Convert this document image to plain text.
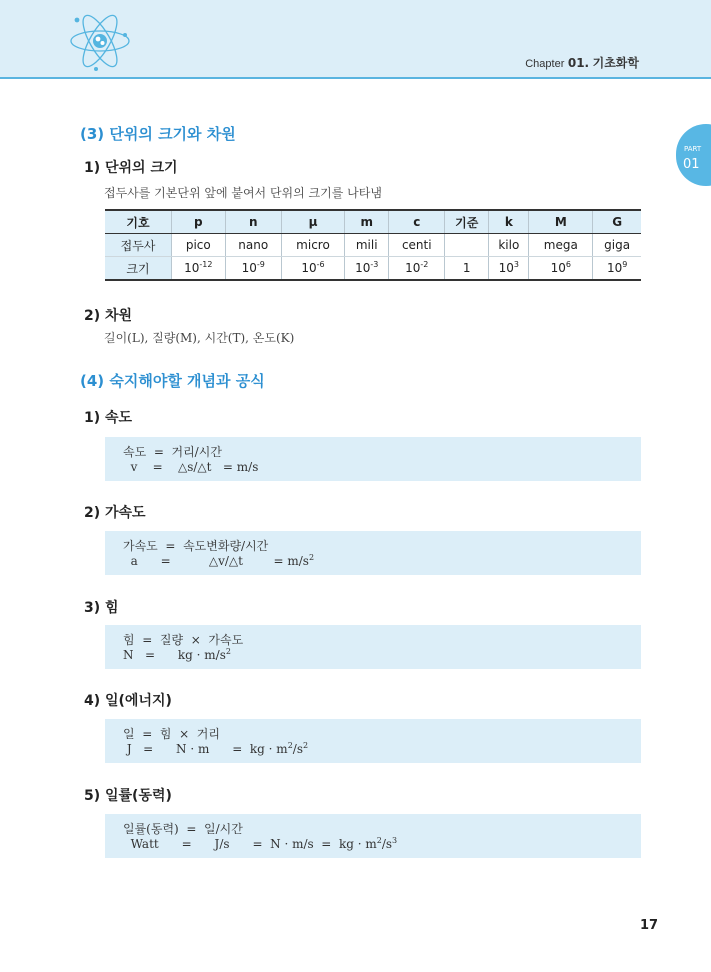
Chapter 01. 기초화학
PART
01
(3) 단위의 크기와 차원
1) 단위의 크기
접두사를 기본단위 앞에 붙여서 단위의 크기를 나타냄
기호	p	n	μ	m	c	기준	k	M	G
접두사	pico	nano	micro	mili	centi		kilo	mega	giga
크기	$10^{-12}$	$10^{-9}$	$10^{-6}$	$10^{-3}$	$10^{-2}$	1	$10^3$	$10^6$	$10^9$
2) 차원
길이(L), 질량(M), 시간(T), 온도(K)
(4) 숙지해야할 개념과 공식
1) 속도
속도  =  거리/시간
v    =    △s/△t   = m/s
2) 가속도
가속도  =  속도변화량/시간
a      =          △v/△t        = $m/s^2$
3) 힘
힘  =  질량  ×  가속도
N   =      kg · $m/s^2$
4) 일(에너지)
일  =  힘  ×  거리
J   =      N · m      =  kg · $m^2/s^2$
5) 일률(동력)
일률(동력)  =  일/시간
Watt      =      J/s      =  N · m/s  =  kg · $m^2/s^3$
17
